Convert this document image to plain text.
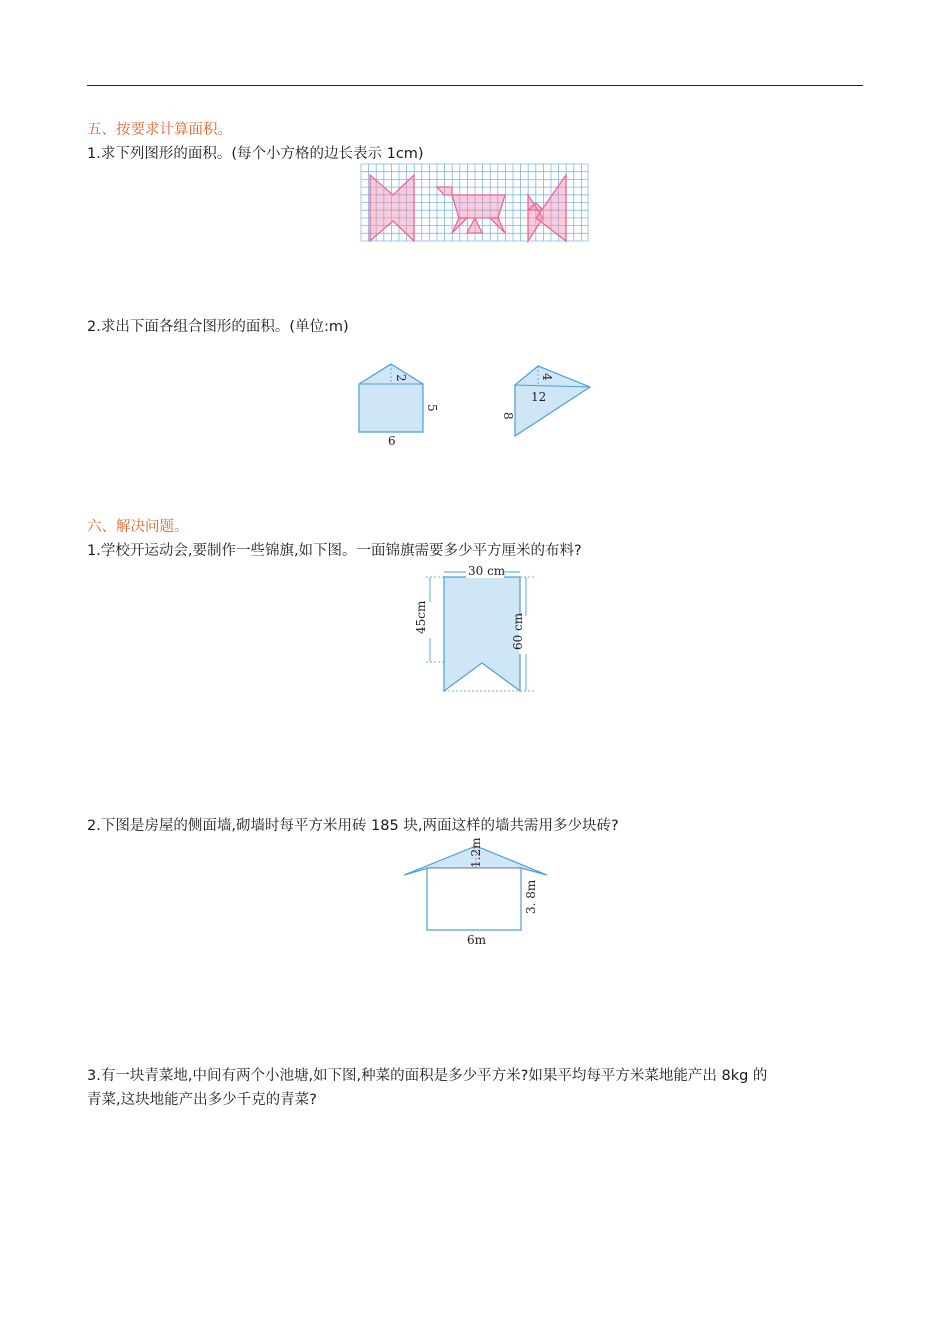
五、按要求计算面积。
1.求下列图形的面积。(每个小方格的边长表示 1cm)
2.求出下面各组合图形的面积。(单位:m)
2
5
6
4
12
8
六、解决问题。
1.学校开运动会,要制作一些锦旗,如下图。一面锦旗需要多少平方厘米的布料?
30 cm
45cm	60 cm
2.下图是房屋的侧面墙,砌墙时每平方米用砖 185 块,两面这样的墙共需用多少块砖?
1.2m
3. 8m
6m
3.有一块青菜地,中间有两个小池塘,如下图,种菜的面积是多少平方米?如果平均每平方米菜地能产出 8kg 的
青菜,这块地能产出多少千克的青菜?
